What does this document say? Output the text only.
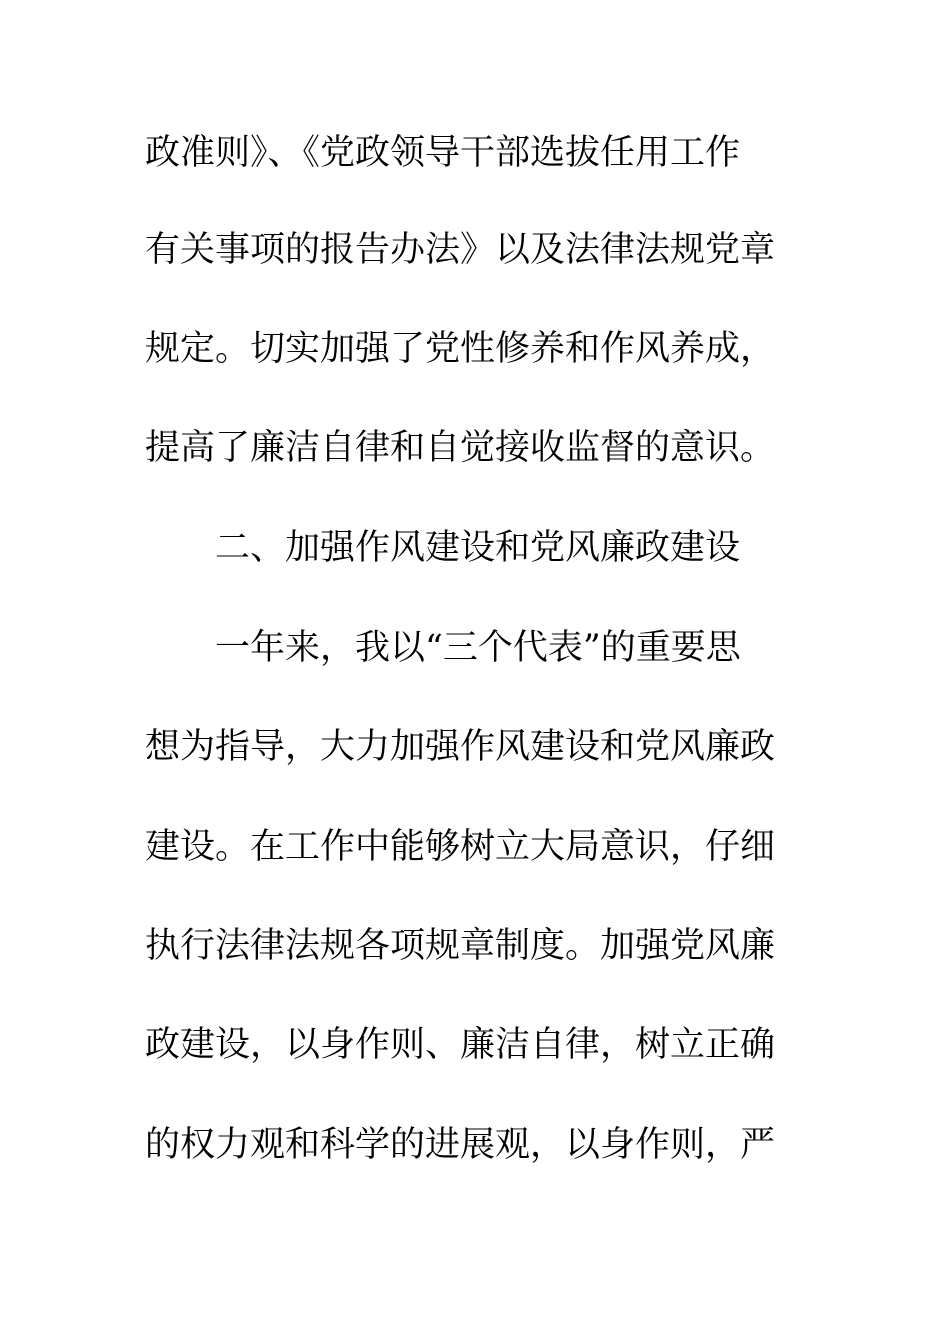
政准则》、《党政领导干部选拔任用工作
有关事项的报告办法》以及法律法规党章
规定。切实加强了党性修养和作风养成，
提高了廉洁自律和自觉接收监督的意识。
二、加强作风建设和党风廉政建设
一年来，我以“三个代表”的重要思
想为指导，大力加强作风建设和党风廉政
建设。在工作中能够树立大局意识，仔细
执行法律法规各项规章制度。加强党风廉
政建设，以身作则、廉洁自律，树立正确
的权力观和科学的进展观，以身作则，严
